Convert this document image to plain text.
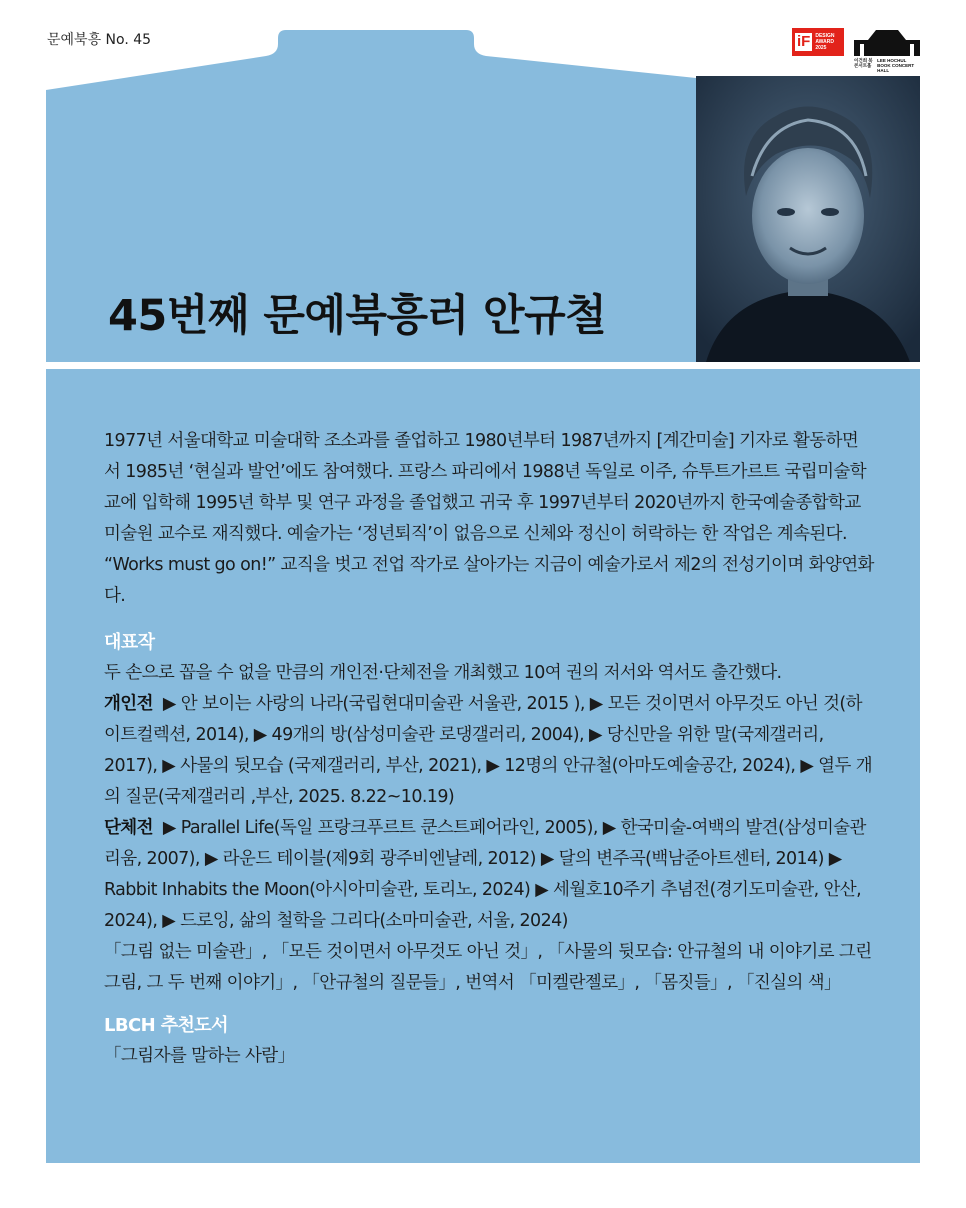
문예북흥 No. 45	iF	DESIGN AWARD 2025
이건희 북콘서트홀
LEE HOCHUL BOOK CONCERT HALL
45번째 문예북흥러 안규철

1977년 서울대학교 미술대학 조소과를 졸업하고 1980년부터 1987년까지 [계간미술] 기자로 활동하면서 1985년 ‘현실과 발언’에도 참여했다. 프랑스 파리에서 1988년 독일로 이주, 슈투트가르트 국립미술학교에 입학해 1995년 학부 및 연구 과정을 졸업했고 귀국 후 1997년부터 2020년까지 한국예술종합학교 미술원 교수로 재직했다. 예술가는 ‘정년퇴직’이 없음으로 신체와 정신이 허락하는 한 작업은 계속된다. “Works must go on!” 교직을 벗고 전업 작가로 살아가는 지금이 예술가로서 제2의 전성기이며 화양연화다.

대표작

두 손으로 꼽을 수 없을 만큼의 개인전·단체전을 개최했고 10여 권의 저서와 역서도 출간했다.

개인전 ▶ 안 보이는 사랑의 나라(국립현대미술관 서울관, 2015 ), ▶ 모든 것이면서 아무것도 아닌 것(하이트컬렉션, 2014), ▶ 49개의 방(삼성미술관 로댕갤러리, 2004), ▶ 당신만을 위한 말(국제갤러리, 2017), ▶ 사물의 뒷모습 (국제갤러리, 부산, 2021), ▶ 12명의 안규철(아마도예술공간, 2024), ▶ 열두 개의 질문(국제갤러리 ,부산, 2025. 8.22~10.19)

단체전 ▶ Parallel Life(독일 프랑크푸르트 쿤스트페어라인, 2005), ▶ 한국미술-여백의 발견(삼성미술관 리움, 2007), ▶ 라운드 테이블(제9회 광주비엔날레, 2012) ▶ 달의 변주곡(백남준아트센터, 2014) ▶ Rabbit Inhabits the Moon(아시아미술관, 토리노, 2024) ▶ 세월호10주기 추념전(경기도미술관, 안산, 2024), ▶ 드로잉, 삶의 철학을 그리다(소마미술관, 서울, 2024)

「그림 없는 미술관」, 「모든 것이면서 아무것도 아닌 것」, 「사물의 뒷모습: 안규철의 내 이야기로 그린 그림, 그 두 번째 이야기」, 「안규철의 질문들」, 번역서 「미켈란젤로」, 「몸짓들」, 「진실의 색」

LBCH 추천도서

「그림자를 말하는 사람」
